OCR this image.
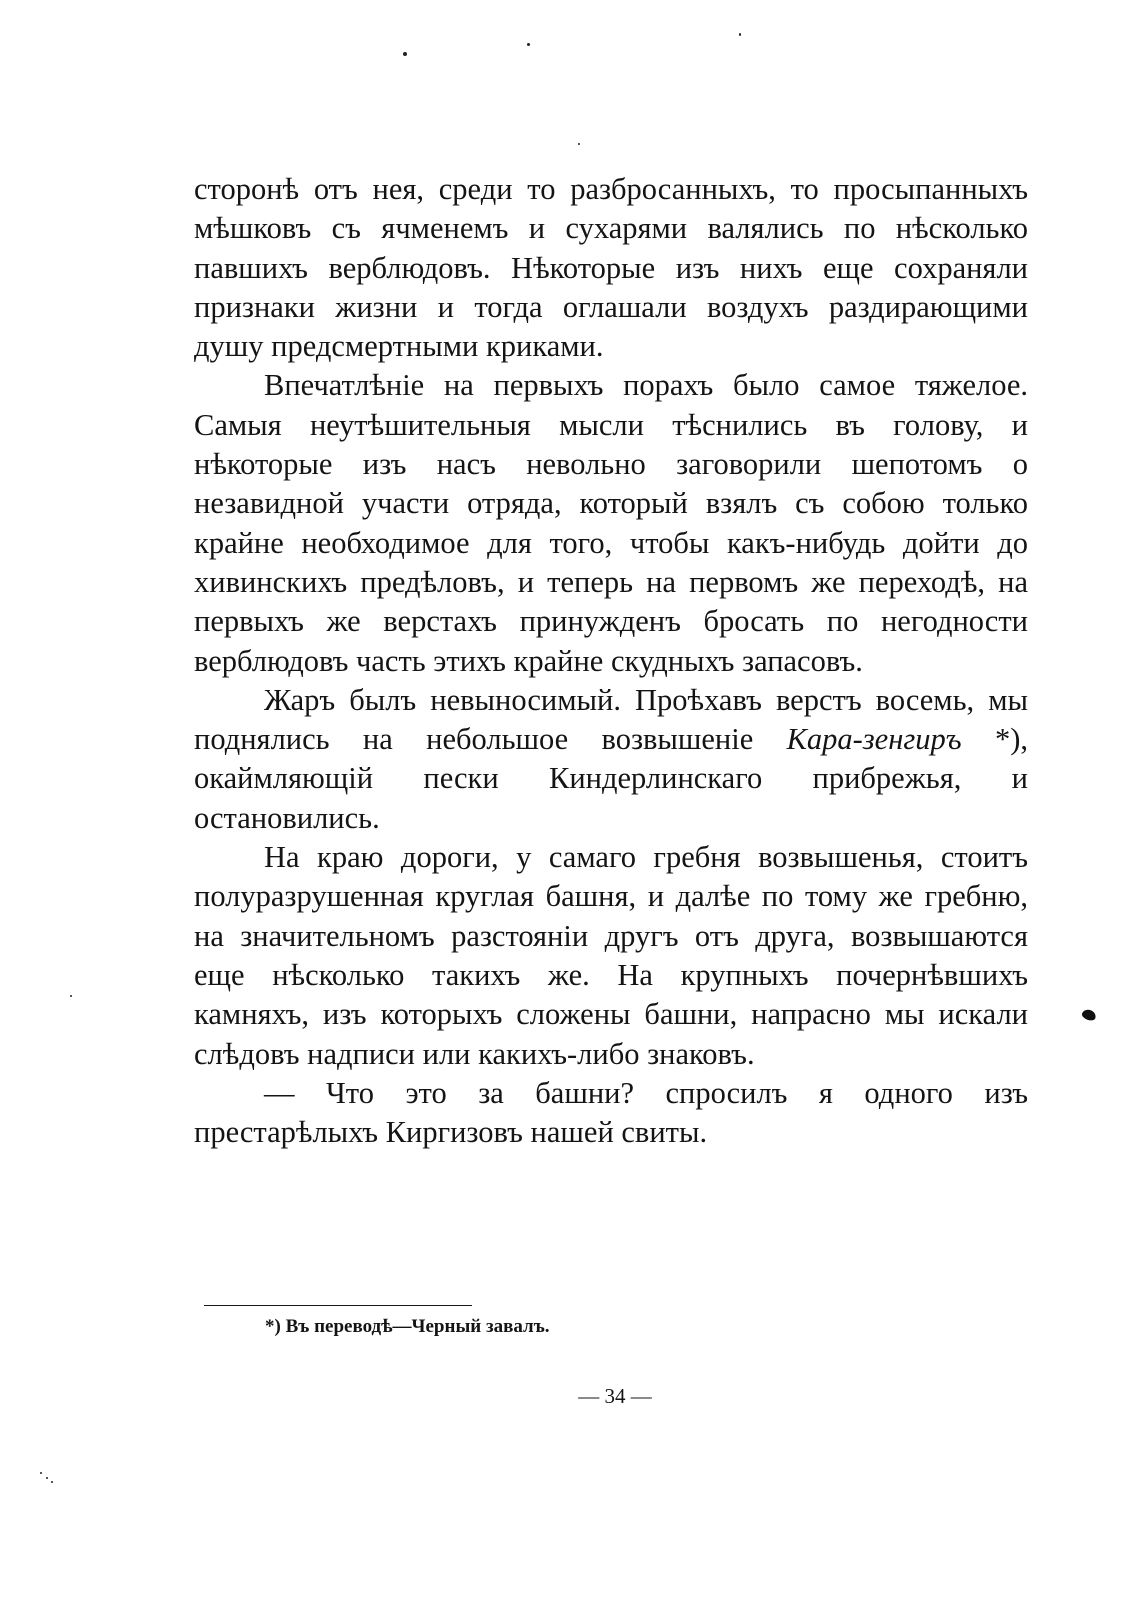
сторонѣ отъ нея, среди то разбросанныхъ, то просыпанныхъ мѣшковъ съ ячменемъ и сухарями валялись по нѣсколько павшихъ верблюдовъ. Нѣкоторые изъ нихъ еще сохраняли признаки жизни и тогда оглашали воздухъ раздирающими душу предсмертными криками.

Впечатлѣніе на первыхъ порахъ было самое тяжелое. Самыя неутѣшительныя мысли тѣснились въ голову, и нѣкоторые изъ насъ невольно заговорили шепотомъ о незавидной участи отряда, который взялъ съ собою только крайне необходимое для того, чтобы какъ-нибудь дойти до хивинскихъ предѣловъ, и теперь на первомъ же переходѣ, на первыхъ же верстахъ принужденъ бросать по негодности верблюдовъ часть этихъ крайне скудныхъ запасовъ.

Жаръ былъ невыносимый. Проѣхавъ верстъ восемь, мы поднялись на небольшое возвышеніе Кара-зенгиръ *), окаймляющій пески Киндерлинскаго прибрежья, и остановились.

На краю дороги, у самаго гребня возвышенья, стоитъ полуразрушенная круглая башня, и далѣе по тому же гребню, на значительномъ разстояніи другъ отъ друга, возвышаются еще нѣсколько такихъ же. На крупныхъ почернѣвшихъ камняхъ, изъ которыхъ сложены башни, напрасно мы искали слѣдовъ надписи или какихъ-либо знаковъ.

— Что это за башни? спросилъ я одного изъ престарѣлыхъ Киргизовъ нашей свиты.

*) Въ переводѣ—Черный завалъ.
— 34 —
